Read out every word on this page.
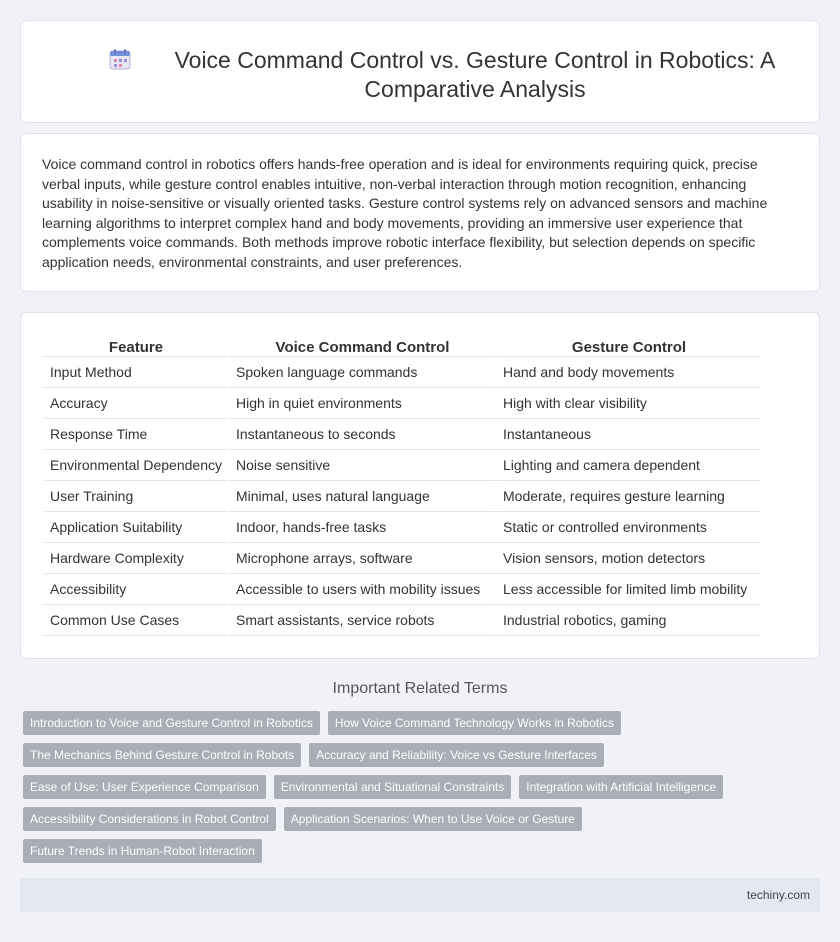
Voice Command Control vs. Gesture Control in Robotics: A Comparative Analysis

Voice command control in robotics offers hands-free operation and is ideal for environments requiring quick, precise verbal inputs, while gesture control enables intuitive, non-verbal interaction through motion recognition, enhancing usability in noise-sensitive or visually oriented tasks. Gesture control systems rely on advanced sensors and machine learning algorithms to interpret complex hand and body movements, providing an immersive user experience that complements voice commands. Both methods improve robotic interface flexibility, but selection depends on specific application needs, environmental constraints, and user preferences.

Feature	Voice Command Control	Gesture Control
Input Method	Spoken language commands	Hand and body movements
Accuracy	High in quiet environments	High with clear visibility
Response Time	Instantaneous to seconds	Instantaneous
Environmental Dependency	Noise sensitive	Lighting and camera dependent
User Training	Minimal, uses natural language	Moderate, requires gesture learning
Application Suitability	Indoor, hands-free tasks	Static or controlled environments
Hardware Complexity	Microphone arrays, software	Vision sensors, motion detectors
Accessibility	Accessible to users with mobility issues	Less accessible for limited limb mobility
Common Use Cases	Smart assistants, service robots	Industrial robotics, gaming
Important Related Terms
Introduction to Voice and Gesture Control in Robotics	How Voice Command Technology Works in Robotics
The Mechanics Behind Gesture Control in Robots	Accuracy and Reliability: Voice vs Gesture Interfaces
Ease of Use: User Experience Comparison	Environmental and Situational Constraints	Integration with Artificial Intelligence
Accessibility Considerations in Robot Control	Application Scenarios: When to Use Voice or Gesture
Future Trends in Human-Robot Interaction
techiny.com
